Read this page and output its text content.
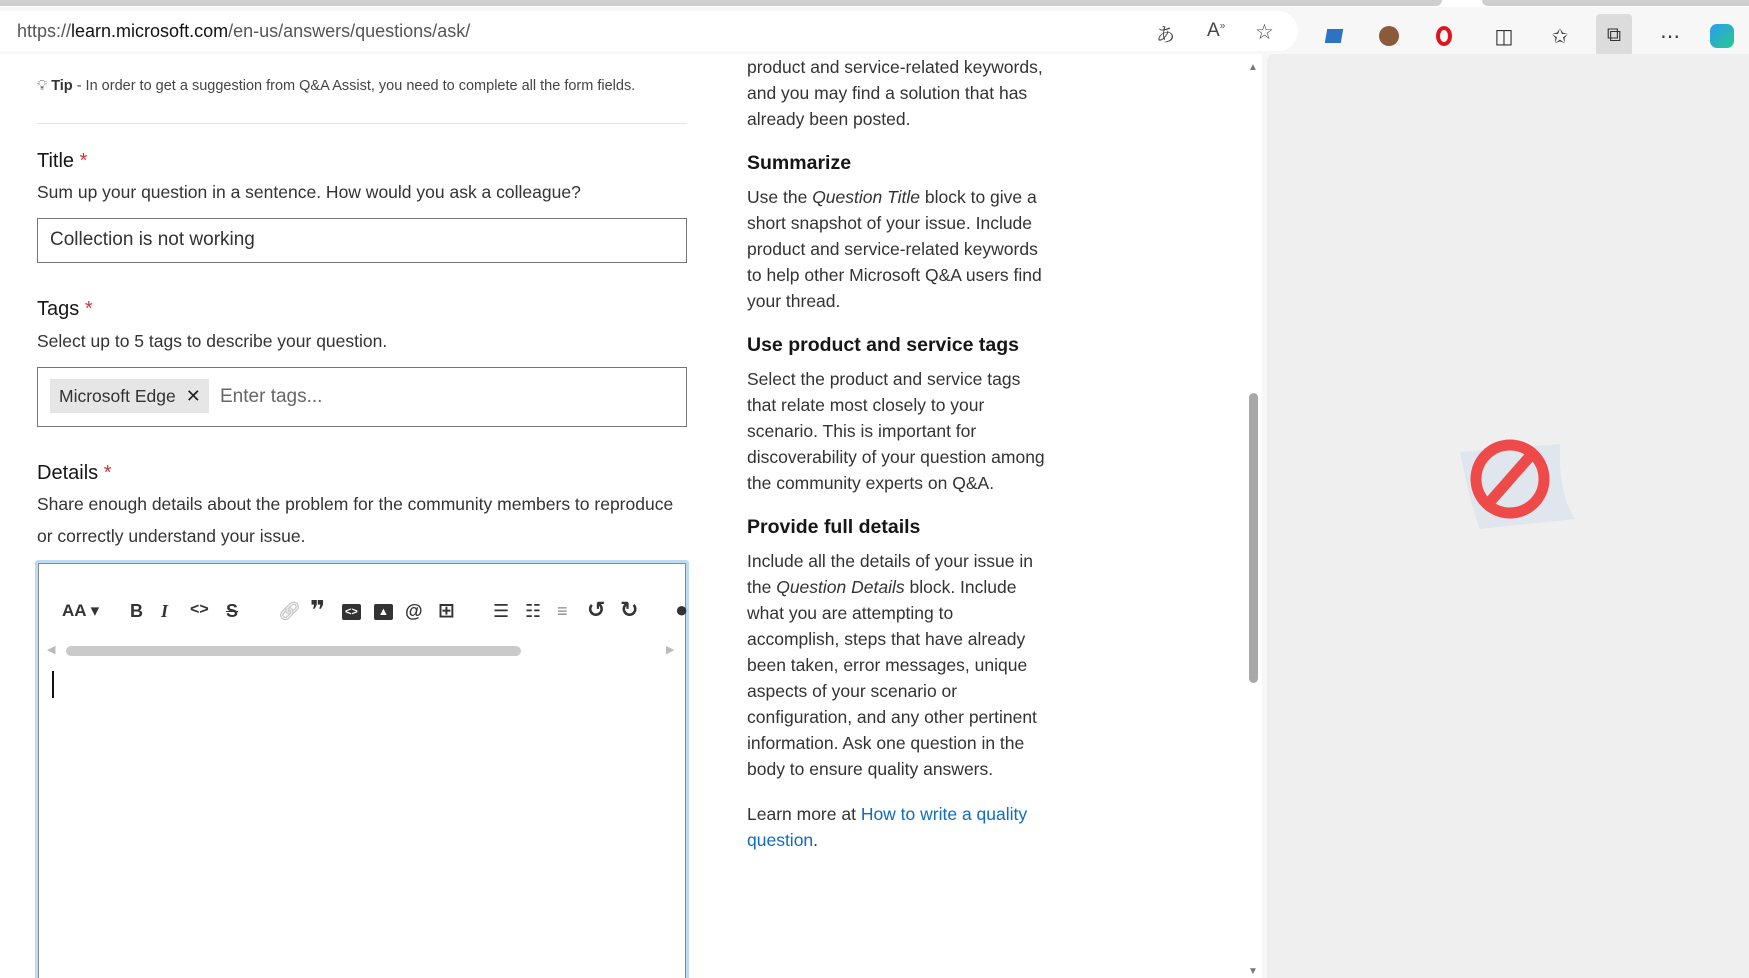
https://learn.microsoft.com/en-us/answers/questions/ask/	あ A» ☆	◫	✩	⧉	⋯
💡︎ Tip - In order to get a suggestion from Q&A Assist, you need to complete all the form fields.
Title *
Sum up your question in a sentence. How would you ask a colleague?
Collection is not working
Tags *
Select up to 5 tags to describe your question.
Microsoft Edge ✕ Enter tags...
Details *
Share enough details about the problem for the community members to reproduce or correctly understand your issue.
AA ▾ B I <> S 🔗︎ ❞ <>	▲ @ ⊞ ☰ ☷ ≡ ↺ ↻ ●
◀	▶

product and service-related keywords, and you may find a solution that has already been posted.

Summarize

Use the Question Title block to give a short snapshot of your issue. Include product and service-related keywords to help other Microsoft Q&A users find your thread.

Use product and service tags

Select the product and service tags that relate most closely to your scenario. This is important for discoverability of your question among the community experts on Q&A.

Provide full details

Include all the details of your issue in the Question Details block. Include what you are attempting to accomplish, steps that have already been taken, error messages, unique aspects of your scenario or configuration, and any other pertinent information. Ask one question in the body to ensure quality answers.

Learn more at How to write a quality question.

▲
▼
